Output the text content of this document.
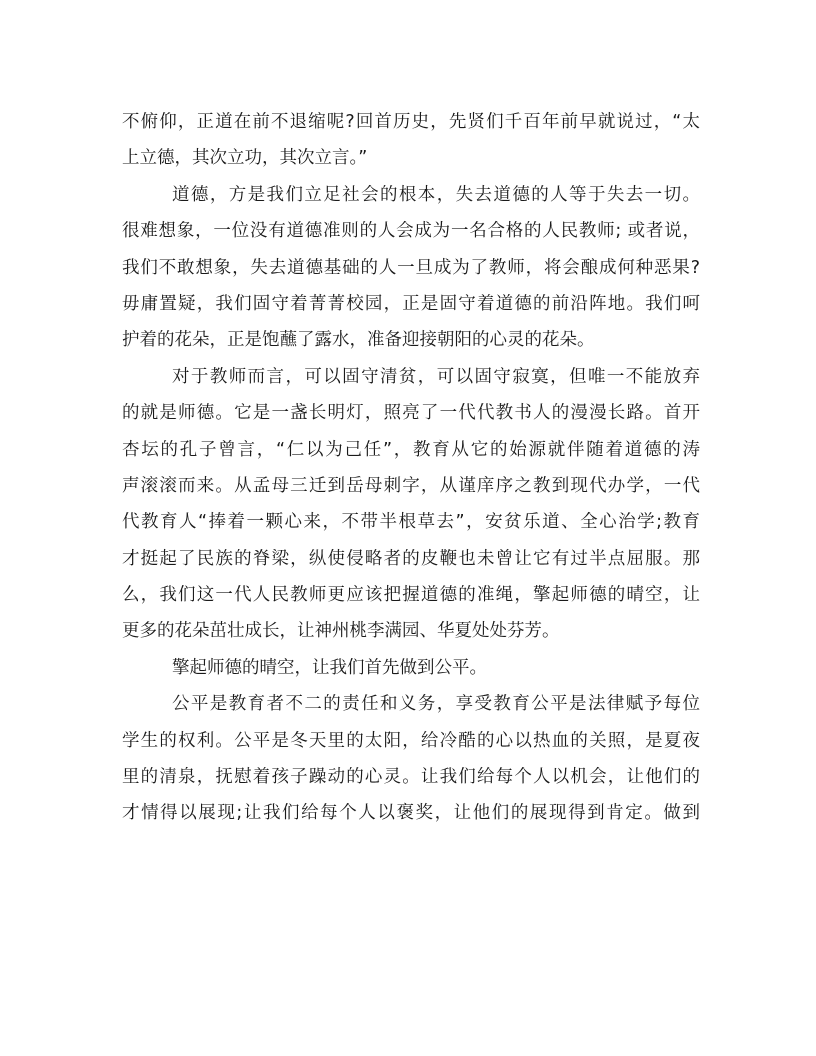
不俯仰，正道在前不退缩呢?回首历史，先贤们千百年前早就说过，“太
上立德，其次立功，其次立言。”
道德，方是我们立足社会的根本，失去道德的人等于失去一切。
很难想象，一位没有道德准则的人会成为一名合格的人民教师; 或者说，
我们不敢想象，失去道德基础的人一旦成为了教师，将会酿成何种恶果?
毋庸置疑，我们固守着菁菁校园，正是固守着道德的前沿阵地。我们呵
护着的花朵，正是饱蘸了露水，准备迎接朝阳的心灵的花朵。
对于教师而言，可以固守清贫，可以固守寂寞，但唯一不能放弃
的就是师德。它是一盏长明灯，照亮了一代代教书人的漫漫长路。首开
杏坛的孔子曾言，“仁以为己任”，教育从它的始源就伴随着道德的涛
声滚滚而来。从孟母三迁到岳母刺字，从谨庠序之教到现代办学，一代
代教育人“捧着一颗心来，不带半根草去”，安贫乐道、全心治学;教育
才挺起了民族的脊梁，纵使侵略者的皮鞭也未曾让它有过半点屈服。那
么，我们这一代人民教师更应该把握道德的准绳，擎起师德的晴空，让
更多的花朵茁壮成长，让神州桃李满园、华夏处处芬芳。
擎起师德的晴空，让我们首先做到公平。
公平是教育者不二的责任和义务，享受教育公平是法律赋予每位
学生的权利。公平是冬天里的太阳，给冷酷的心以热血的关照，是夏夜
里的清泉，抚慰着孩子躁动的心灵。让我们给每个人以机会，让他们的
才情得以展现;让我们给每个人以褒奖，让他们的展现得到肯定。做到
